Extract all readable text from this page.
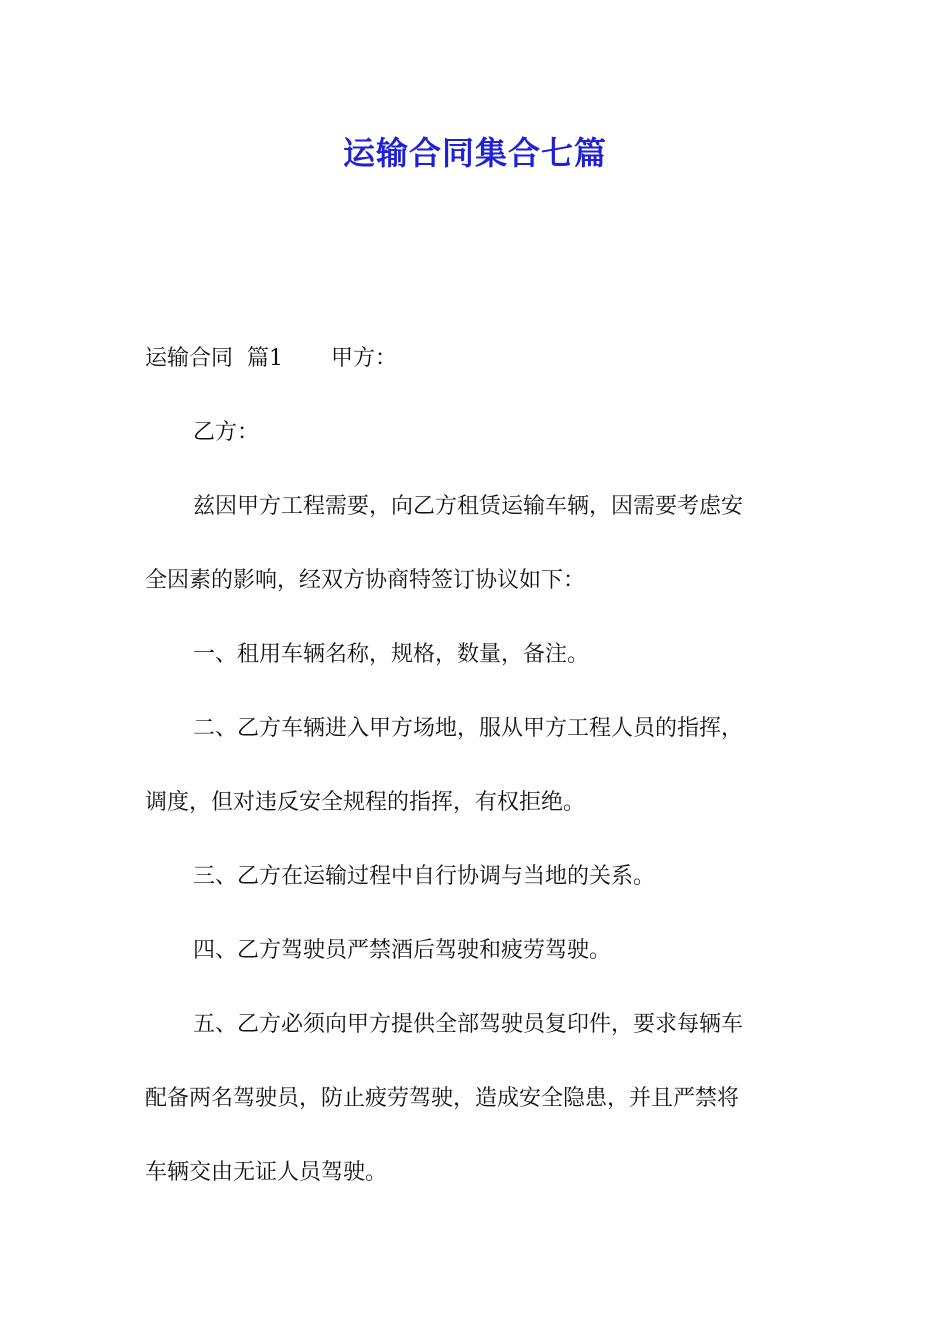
运输合同集合七篇

运输合同  篇1 甲方：

乙方：

兹因甲方工程需要，向乙方租赁运输车辆，因需要考虑安

全因素的影响，经双方协商特签订协议如下：

一、租用车辆名称，规格，数量，备注。

二、乙方车辆进入甲方场地，服从甲方工程人员的指挥，

调度，但对违反安全规程的指挥，有权拒绝。

三、乙方在运输过程中自行协调与当地的关系。

四、乙方驾驶员严禁酒后驾驶和疲劳驾驶。

五、乙方必须向甲方提供全部驾驶员复印件，要求每辆车

配备两名驾驶员，防止疲劳驾驶，造成安全隐患，并且严禁将

车辆交由无证人员驾驶。
